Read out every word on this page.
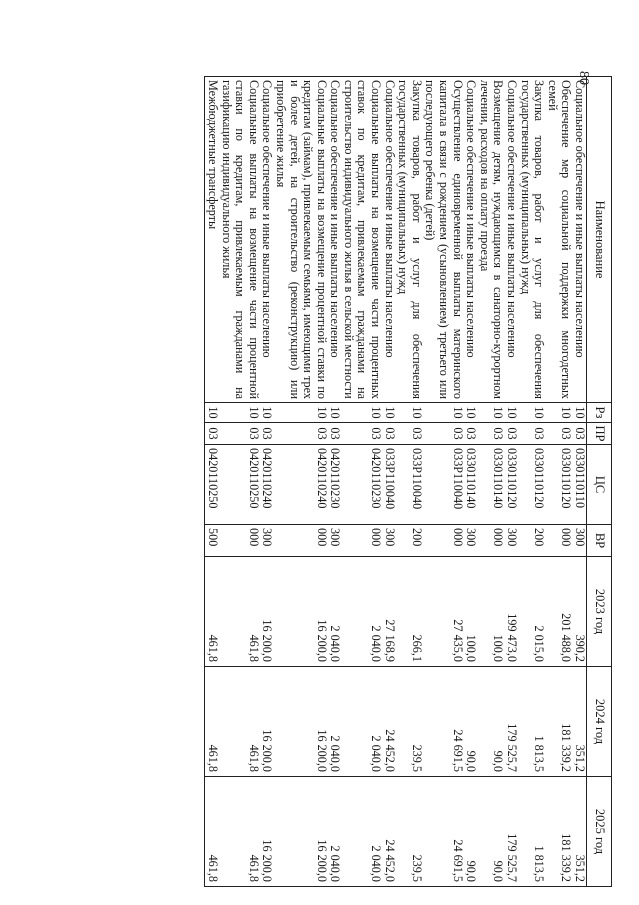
80
Наименование	Рз	ПР	ЦС	ВР	2023 год	2024 год	2025 год
Социальное обеспечение и иные выплаты населению	10	03	0330110110	300	390,2	351,2	351,2
Обеспечение мер социальной поддержки многодетных семей	10	03	0330110120	000	201 488,0	181 339,2	181 339,2
Закупка товаров, работ и услуг для обеспечения государственных (муниципальных) нужд	10	03	0330110120	200	2 015,0	1 813,5	1 813,5
Социальное обеспечение и иные выплаты населению	10	03	0330110120	300	199 473,0	179 525,7	179 525,7
Возмещение детям, нуждающимся в санаторно-курортном лечении, расходов на оплату проезда	10	03	0330110140	000	100,0	90,0	90,0
Социальное обеспечение и иные выплаты населению	10	03	0330110140	300	100,0	90,0	90,0
Осуществление единовременной выплаты материнского капитала в связи с рождением (усыновлением) третьего или последующего ребенка (детей)	10	03	033P110040	000	27 435,0	24 691,5	24 691,5
Закупка товаров, работ и услуг для обеспечения государственных (муниципальных) нужд	10	03	033P110040	200	266,1	239,5	239,5
Социальное обеспечение и иные выплаты населению	10	03	033P110040	300	27 168,9	24 452,0	24 452,0
Социальные выплаты на возмещение части процентных ставок по кредитам, привлекаемым гражданами на строительство индивидуального жилья в сельской местности	10	03	0420110230	000	2 040,0	2 040,0	2 040,0
Социальное обеспечение и иные выплаты населению	10	03	0420110230	300	2 040,0	2 040,0	2 040,0
Социальные выплаты на возмещение процентной ставки по кредитам (займам), привлекаемым семьями, имеющими трех и более детей, на строительство (реконструкцию) или приобретение жилья	10	03	0420110240	000	16 200,0	16 200,0	16 200,0
Социальное обеспечение и иные выплаты населению	10	03	0420110240	300	16 200,0	16 200,0	16 200,0
Социальные выплаты на возмещение части процентной ставки по кредитам, привлекаемым гражданами на газификацию индивидуального жилья	10	03	0420110250	000	461,8	461,8	461,8
Межбюджетные трансферты	10	03	0420110250	500	461,8	461,8	461,8
